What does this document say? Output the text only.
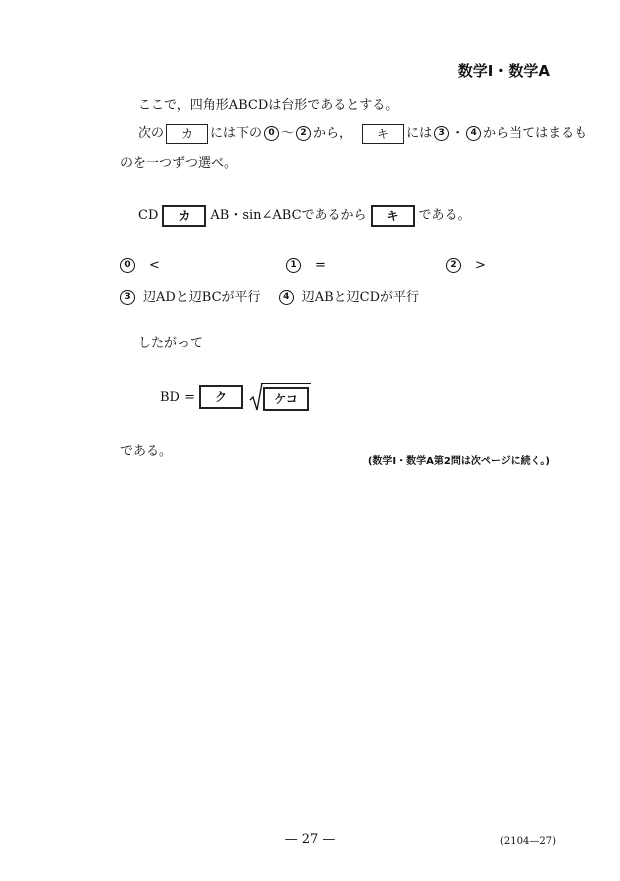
数学Ⅰ・数学A
ここで，四角形ABCDは台形であるとする。
次の カ には下の 0 ～ 2 から， キ には 3 ・ 4 から当てはまるも
のを一つずつ選べ。
CD カ AB・sin∠ABCであるから キ である。
0 <	1 =	2 >
3 辺ADと辺BCが平行	4 辺ABと辺CDが平行
したがって
BD =	ク	ケコ
である。
(数学Ⅰ・数学A第2問は次ページに続く。)
— 27 —	(2104—27)
